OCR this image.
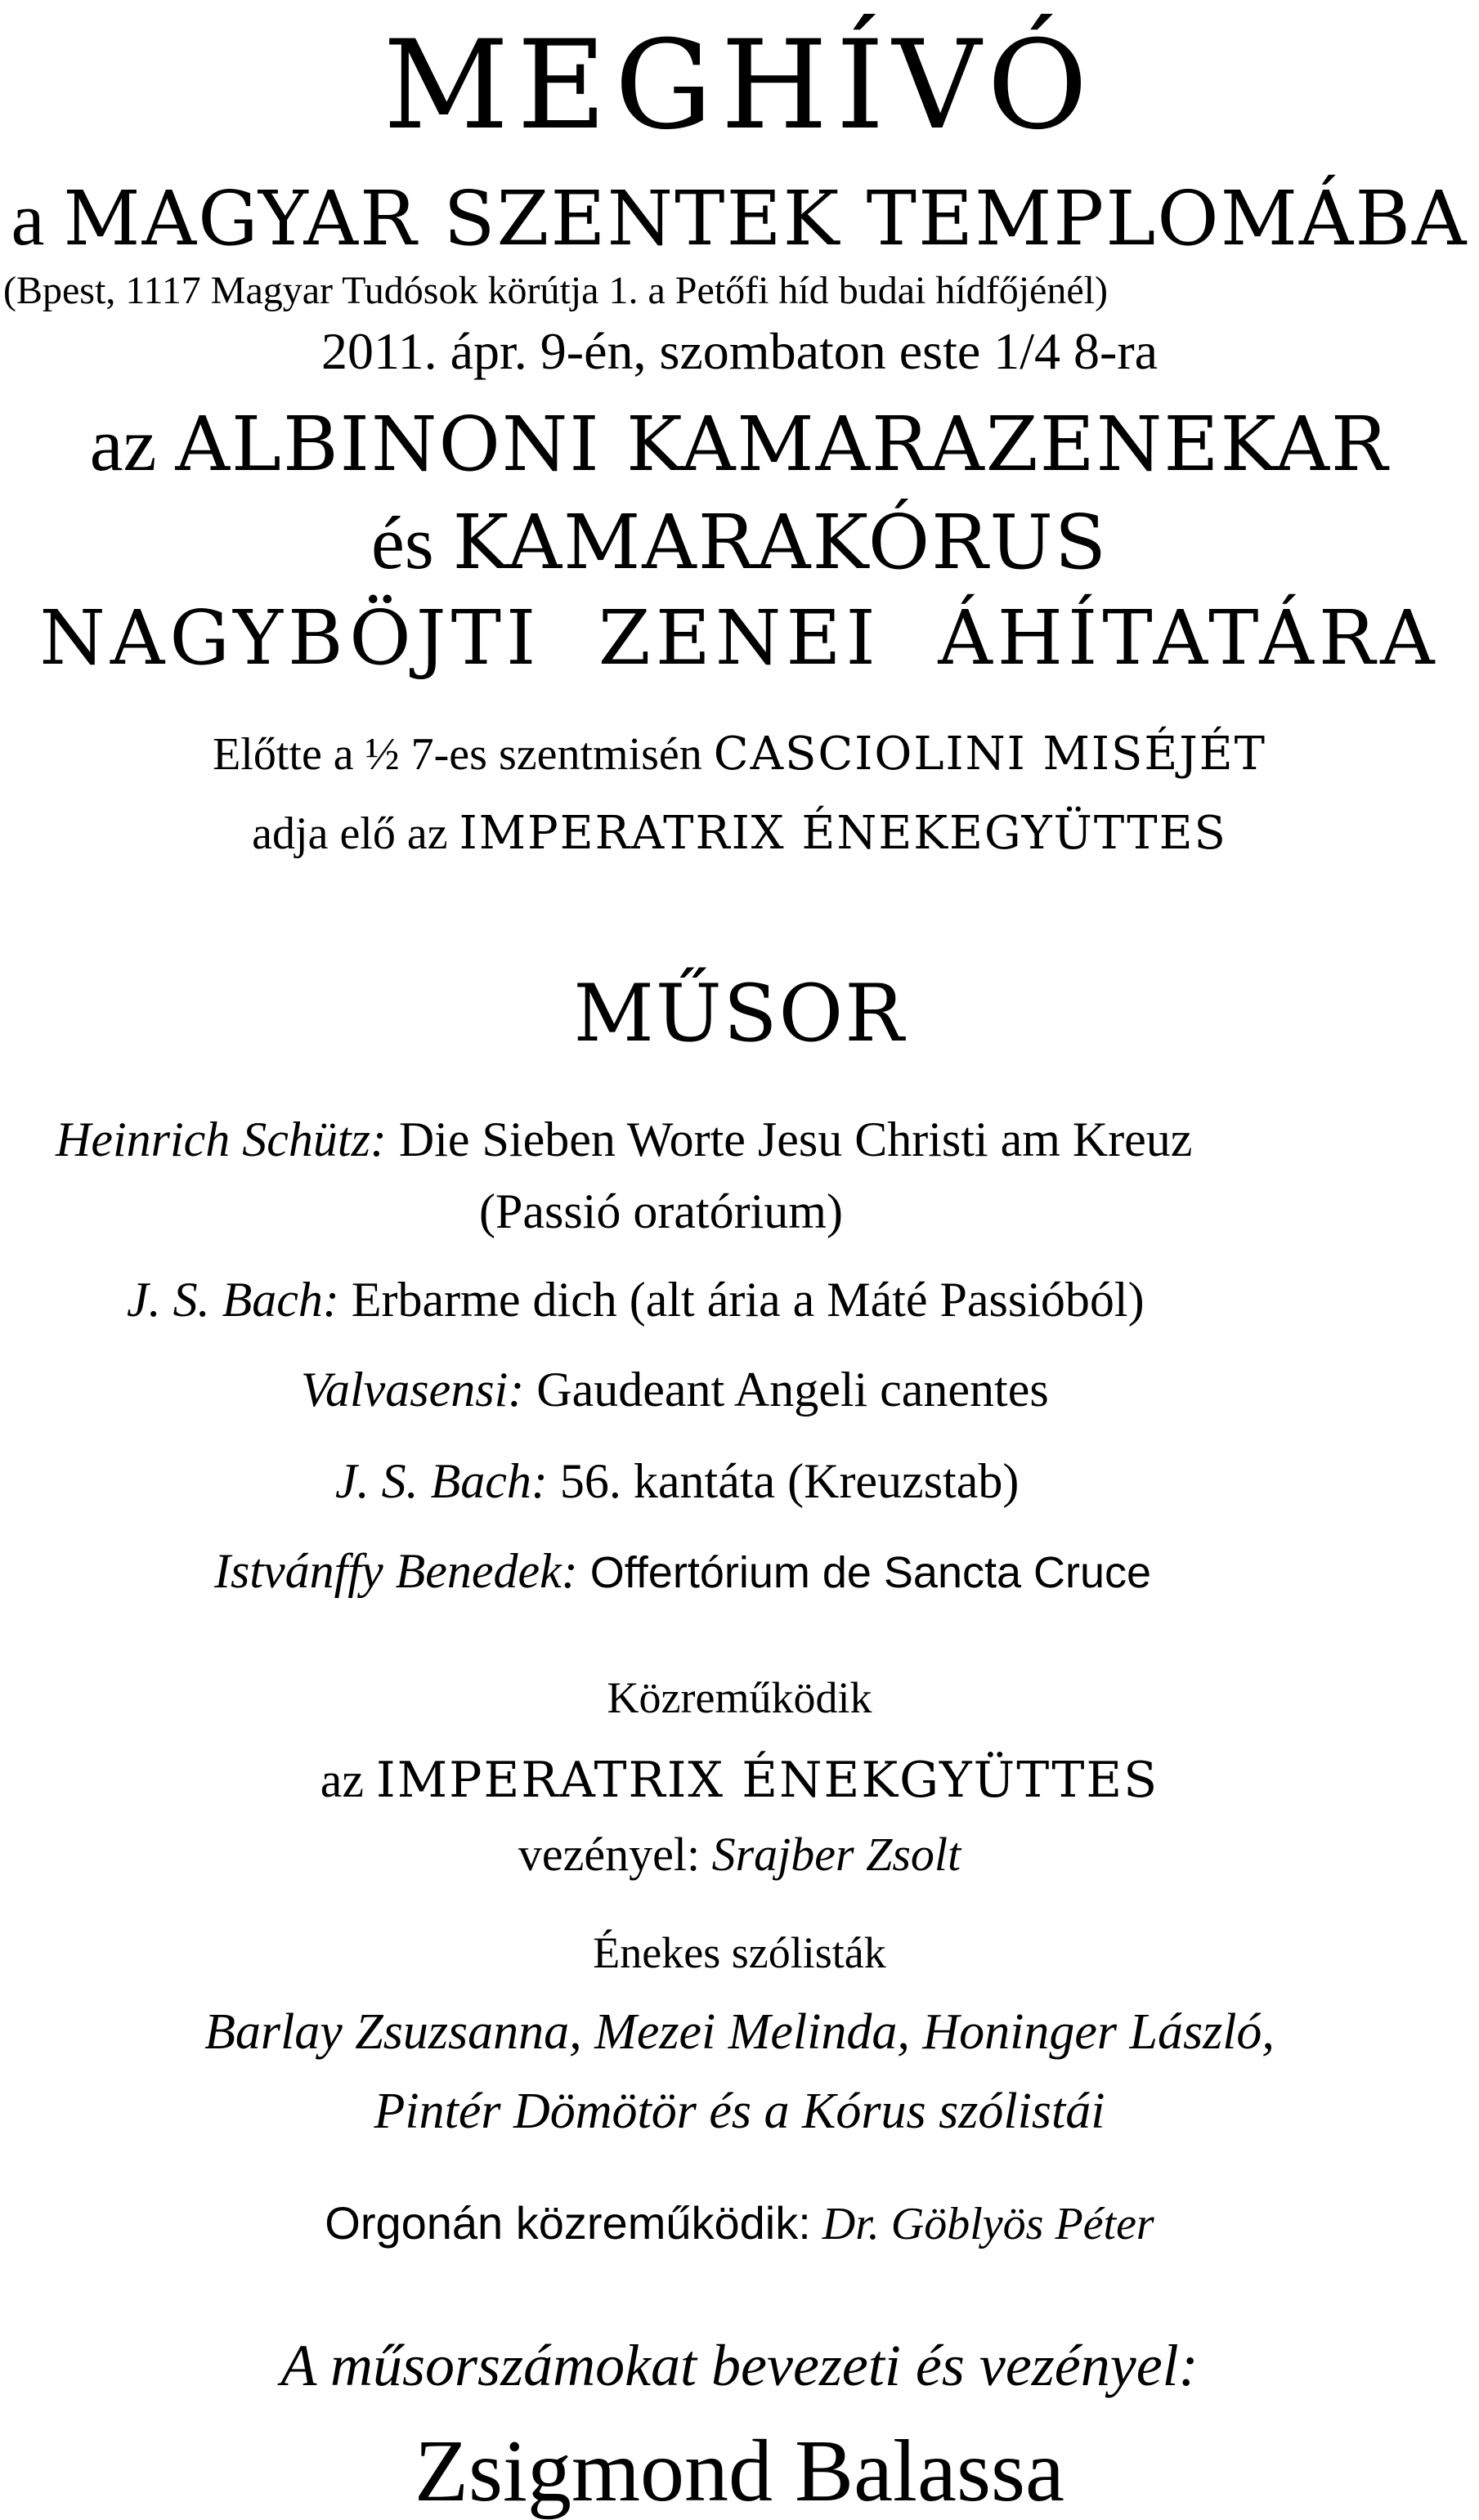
MEGHÍVÓ
a MAGYAR SZENTEK TEMPLOMÁBA
(Bpest, 1117 Magyar Tudósok körútja 1. a Petőfi híd budai hídfőjénél)
2011. ápr. 9-én, szombaton este 1/4 8-ra
az ALBINONI KAMARAZENEKAR
és KAMARAKÓRUS
NAGYBÖJTI  ZENEI  ÁHÍTATÁRA
Előtte a ½ 7-es szentmisén CASCIOLINI MISÉJÉT
adja elő az IMPERATRIX ÉNEKEGYÜTTES
MŰSOR
Heinrich Schütz: Die Sieben Worte Jesu Christi am Kreuz
(Passió oratórium)
J. S. Bach: Erbarme dich (alt ária a Máté Passióból)
Valvasensi: Gaudeant Angeli canentes
J. S. Bach: 56. kantáta (Kreuzstab)
Istvánffy Benedek: Offertórium de Sancta Cruce
Közreműködik
az IMPERATRIX ÉNEKGYÜTTES
vezényel: Srajber Zsolt
Énekes szólisták
Barlay Zsuzsanna, Mezei Melinda, Honinger László,
Pintér Dömötör és a Kórus szólistái
Orgonán közreműködik: Dr. Göblyös Péter
A műsorszámokat bevezeti és vezényel:
Zsigmond Balassa
